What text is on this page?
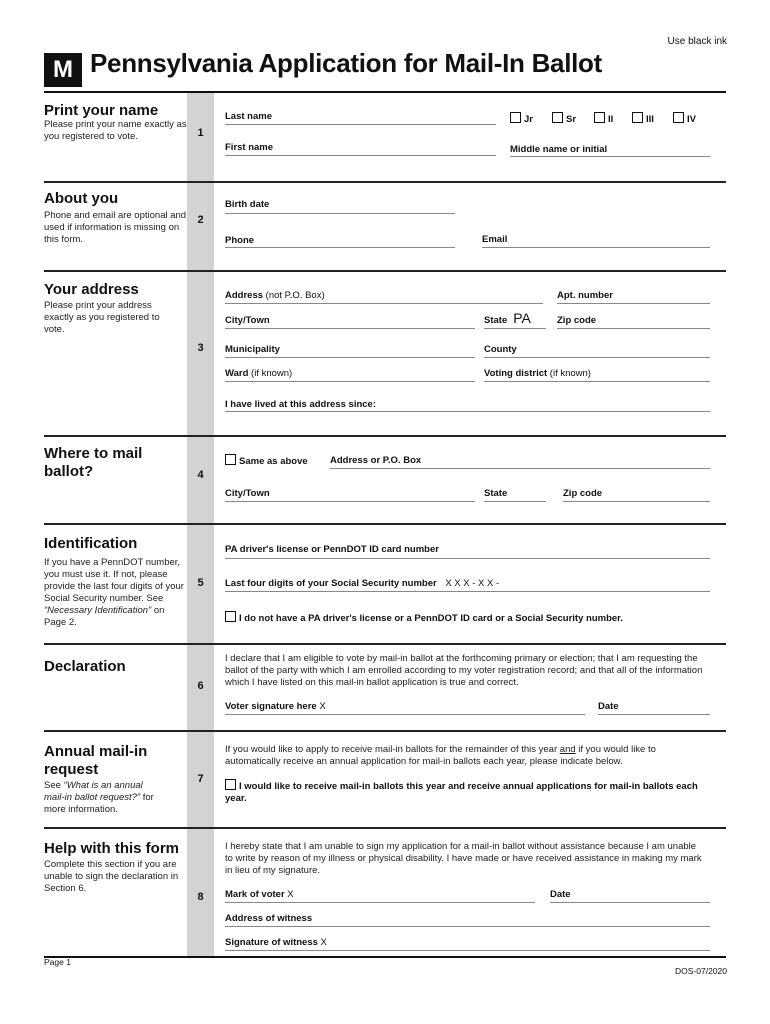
Use black ink
M Pennsylvania Application for Mail-In Ballot
Print your name
Please print your name exactly as you registered to vote.	1
Last name	Jr	Sr	II	III	IV
First name	Middle name or initial
About you
Phone and email are optional and used if information is missing on this form.
2
Birth date
Phone	Email
Your address
Please print your address exactly as you registered to vote.
3
Address (not P.O. Box)	Apt. number
City/Town	State PA	Zip code
Municipality	County
Ward (if known)	Voting district (if known)
I have lived at this address since:
Where to mail ballot?	4
Same as above Address or P.O. Box
City/Town	State	Zip code
Identification
If you have a PennDOT number, you must use it. If not, please provide the last four digits of your Social Security number. See “Necessary Identification” on Page 2.
5
PA driver's license or PennDOT ID card number
Last four digits of your Social Security number X X X - X X -
I do not have a PA driver's license or a PennDOT ID card or a Social Security number.
Declaration
6
I declare that I am eligible to vote by mail-in ballot at the forthcoming primary or election; that I am requesting the ballot of the party with which I am enrolled according to my voter registration record; and that all of the information which I have listed on this mail-in ballot application is true and correct.
Voter signature here X	Date
Annual mail-in request
See “What is an annual mail-in ballot request?” for more information.
7
If you would like to apply to receive mail-in ballots for the remainder of this year and if you would like to automatically receive an annual application for mail-in ballots each year, please indicate below.
I would like to receive mail-in ballots this year and receive annual applications for mail-in ballots each year.
Help with this form
Complete this section if you are unable to sign the declaration in Section 6.
8
I hereby state that I am unable to sign my application for a mail-in ballot without assistance because I am unable to write by reason of my illness or physical disability. I have made or have received assistance in making my mark in lieu of my signature.
Mark of voter X	Date
Address of witness
Signature of witness X
Page 1
DOS-07/2020
